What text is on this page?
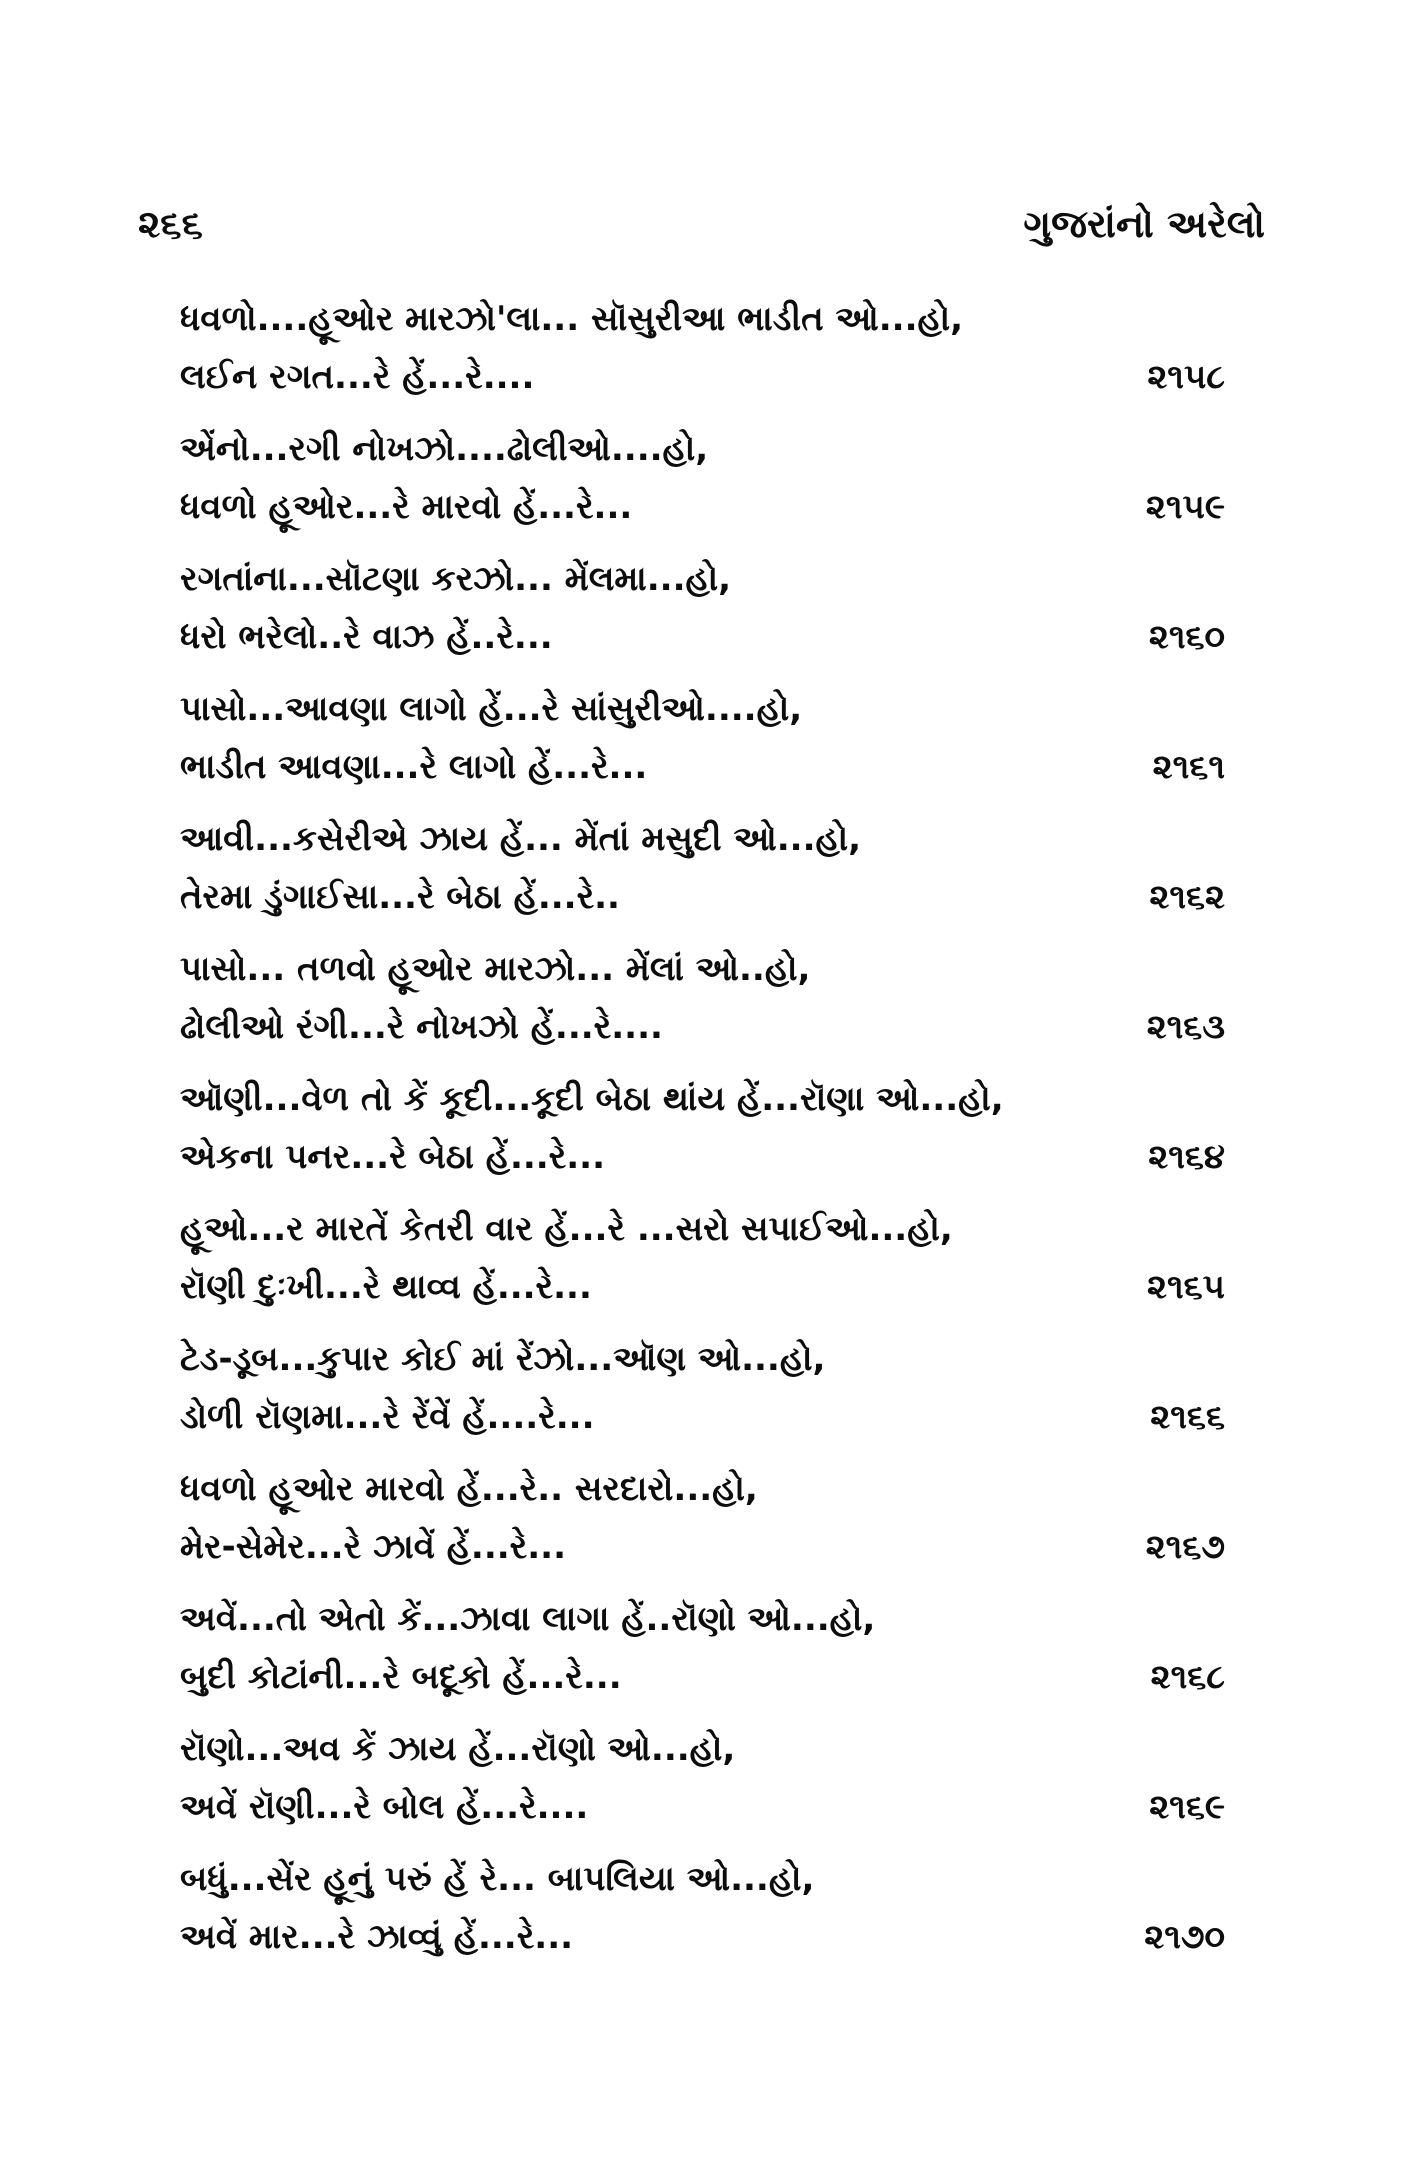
૨૬૬	ગુજરાંનો અરેલો
ધવળો....હૂઓર મારઝો'લા... સૉસુરીઆ ભાડીત ઓ...હો,
લઈન રગત...રે હેં...રે....	૨૧૫૮
એંનો...રગી નોખઝો....ઢોલીઓ....હો,
ધવળો હૂઓર...રે મારવો હેં...રે...	૨૧૫૯
રગતાંના...સૉટણા કરઝો... મેંલમા...હો,
ધરો ભરેલો..રે વાઝ હેં..રે...	૨૧૬૦
પાસો...આવણા લાગો હેં...રે સાંસુરીઓ....હો,
ભાડીત આવણા...રે લાગો હેં...રે...	૨૧૬૧
આવી...કસેરીએ ઝાય હેં... મેંતાં મસુદી ઓ...હો,
તેરમા ડુંગાઈસા...રે બેઠા હેં...રે..	૨૧૬૨
પાસો... તળવો હૂઓર મારઝો... મેંલાં ઓ..હો,
ઢોલીઓ રંગી...રે નોખઝો હેં...રે....	૨૧૬૩
ઑણી...વેળ તો કેં કૂદી...કૂદી બેઠા થાંય હેં...રૉણા ઓ...હો,
એકના પનર...રે બેઠા હેં...રે...	૨૧૬૪
હૂઓ...ર મારતેં કેતરી વાર હેં...રે ...સરો સપાઈઓ...હો,
રૉણી દુઃખી...રે થાવ્વ હેં...રે...	૨૧૬૫
ટેડ-ડૂબ...કુપાર કોઈ માં રેંઝો...ઑણ ઓ...હો,
ડોળી રૉણમા...રે રેંવેં હેં....રે...	૨૧૬૬
ધવળો હૂઓર મારવો હેં...રે.. સરદારો...હો,
મેર-સેમેર...રે ઝાવેં હેં...રે...	૨૧૬૭
અવેં...તો એતો કેં...ઝાવા લાગા હેં..રૉણો ઓ...હો,
બુદી કોટાંની...રે બદૂકો હેં...રે...	૨૧૬૮
રૉણો...અવ કેં ઝાય હેં...રૉણો ઓ...હો,
અવેં રૉણી...રે બોલ હેં...રે....	૨૧૬૯
બધું...સેંર હૂનું પરું હેં રે... બાપલિયા ઓ...હો,
અવેં માર...રે ઝાવ્વું હેં...રે...	૨૧૭૦
